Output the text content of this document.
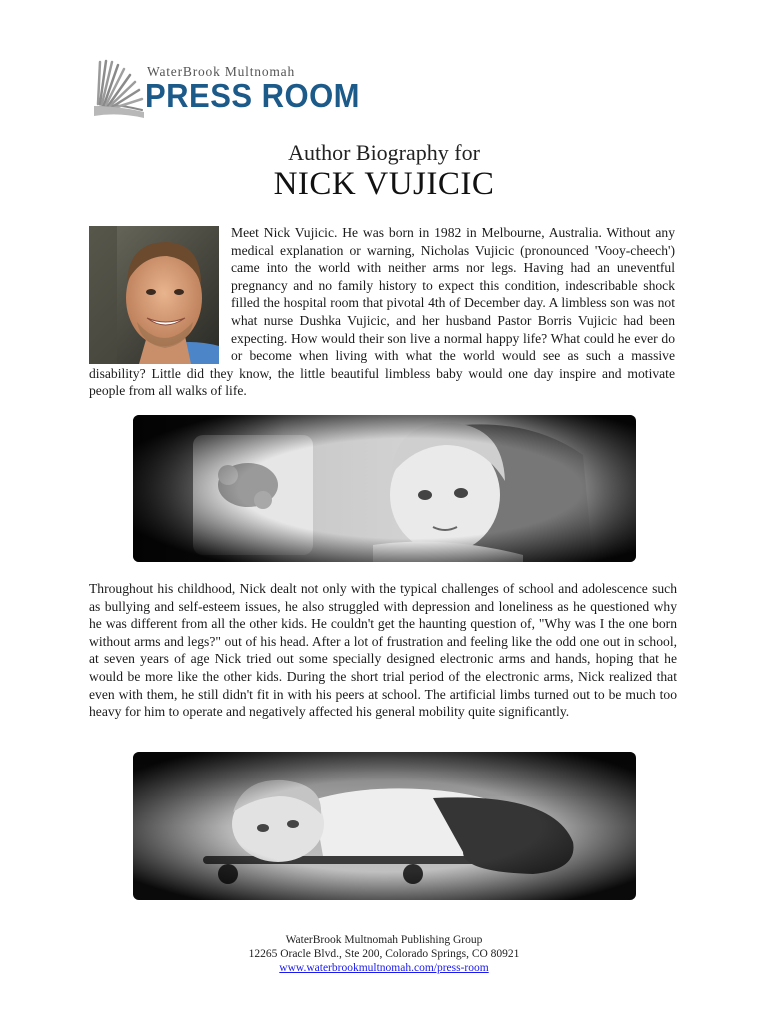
WaterBrook Multnomah
PRESS ROOM
Author Biography for
NICK VUJICIC
Meet Nick Vujicic. He was born in 1982 in Melbourne, Australia. Without any medical explanation or warning, Nicholas Vujicic (pronounced 'Vooy-cheech') came into the world with neither arms nor legs. Having had an uneventful pregnancy and no family history to expect this condition, indescribable shock filled the hospital room that pivotal 4th of December day. A limbless son was not what nurse Dushka Vujicic, and her husband Pastor Borris Vujicic had been expecting. How would their son live a normal happy life? What could he ever do or become when living with what the world would see as such a massive disability? Little did they know, the little beautiful limbless baby would one day inspire and motivate people from all walks of life.
Throughout his childhood, Nick dealt not only with the typical challenges of school and adolescence such as bullying and self-esteem issues, he also struggled with depression and loneliness as he questioned why he was different from all the other kids. He couldn't get the haunting question of, "Why was I the one born without arms and legs?" out of his head. After a lot of frustration and feeling like the odd one out in school, at seven years of age Nick tried out some specially designed electronic arms and hands, hoping that he would be more like the other kids. During the short trial period of the electronic arms, Nick realized that even with them, he still didn't fit in with his peers at school. The artificial limbs turned out to be much too heavy for him to operate and negatively affected his general mobility quite significantly.
WaterBrook Multnomah Publishing Group
12265 Oracle Blvd., Ste 200, Colorado Springs, CO 80921
www.waterbrookmultnomah.com/press-room
